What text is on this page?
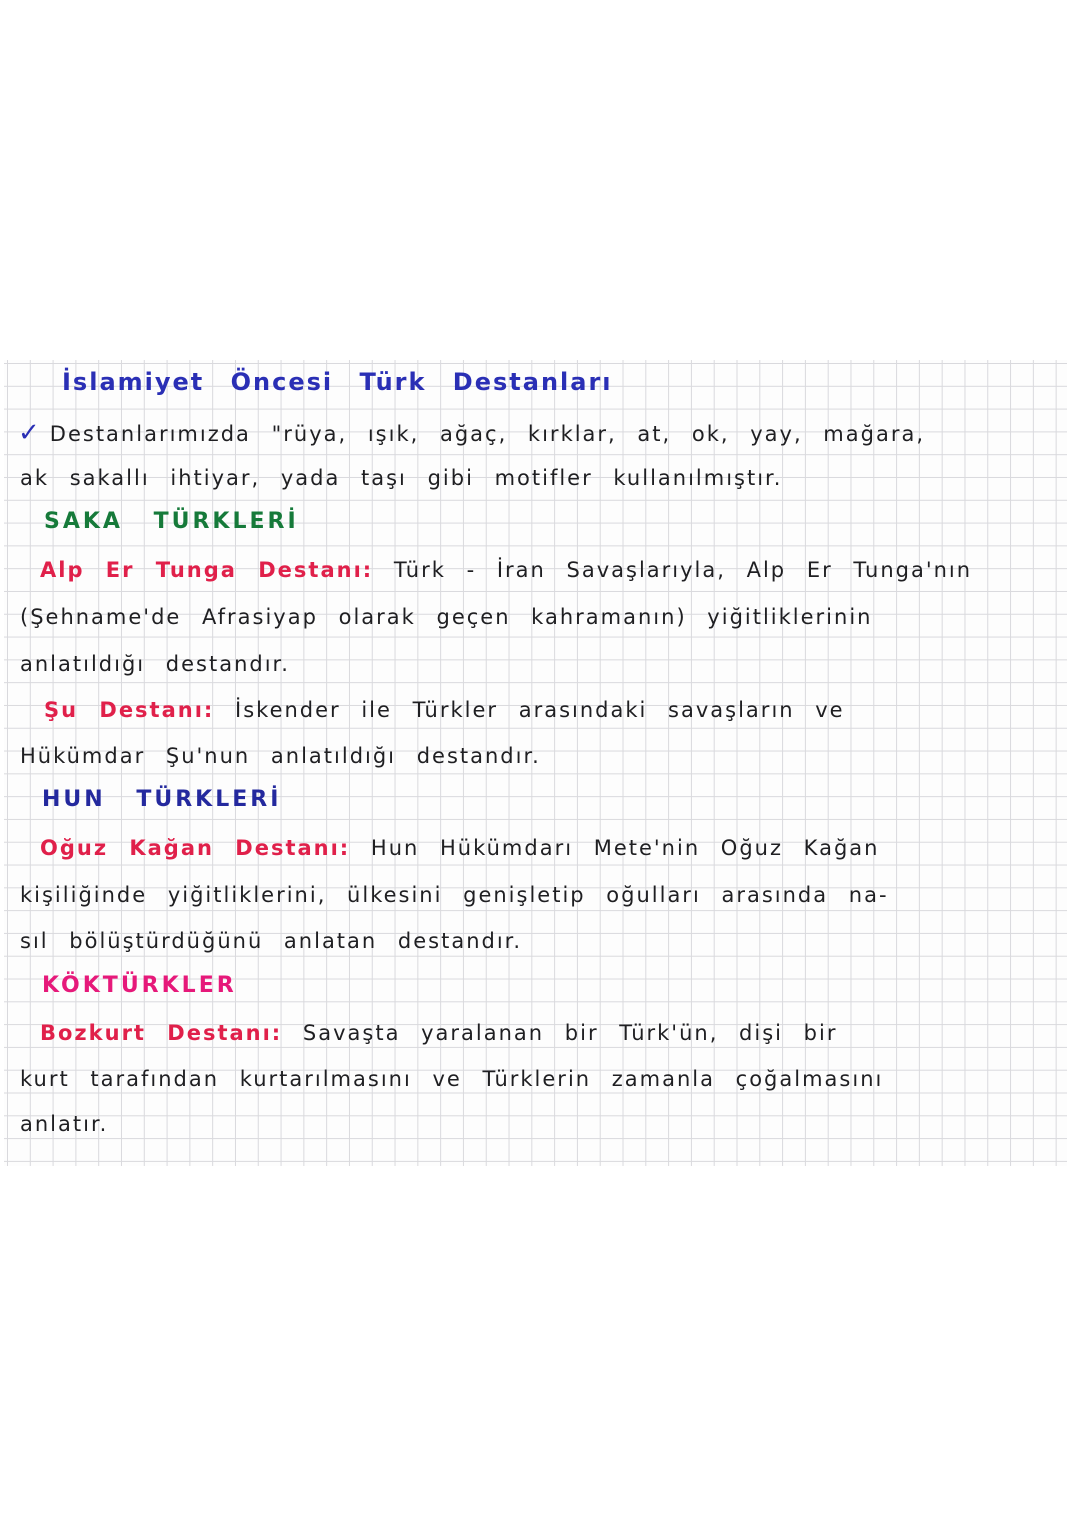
İslamiyet Öncesi Türk Destanları
✓ Destanlarımızda "rüya, ışık, ağaç, kırklar, at, ok, yay, mağara,
ak sakallı ihtiyar, yada taşı gibi motifler kullanılmıştır.
SAKA TÜRKLERİ
Alp Er Tunga Destanı: Türk - İran Savaşlarıyla, Alp Er Tunga'nın
(Şehname'de Afrasiyap olarak geçen kahramanın) yiğitliklerinin
anlatıldığı destandır.
Şu Destanı: İskender ile Türkler arasındaki savaşların ve
Hükümdar Şu'nun anlatıldığı destandır.
HUN TÜRKLERİ
Oğuz Kağan Destanı: Hun Hükümdarı Mete'nin Oğuz Kağan
kişiliğinde yiğitliklerini, ülkesini genişletip oğulları arasında na-
sıl bölüştürdüğünü anlatan destandır.
KÖKTÜRKLER
Bozkurt Destanı: Savaşta yaralanan bir Türk'ün, dişi bir
kurt tarafından kurtarılmasını ve Türklerin zamanla çoğalmasını
anlatır.
